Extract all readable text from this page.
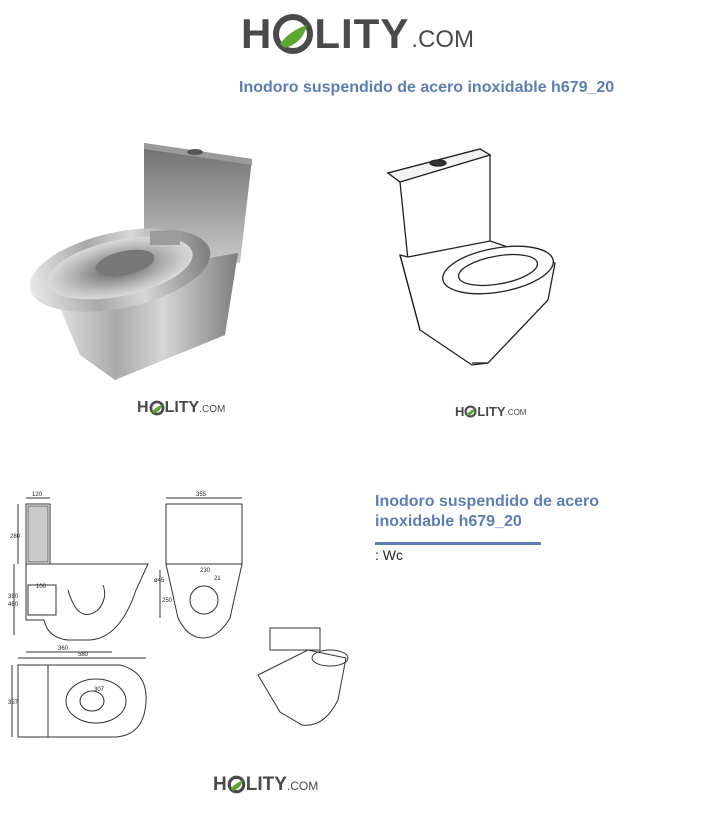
H LITY .COM
Inodoro suspendido de acero inoxidable h679_20
H LITY .COM	H LITY .COM
120
280
390
460
100
360
355
230
ø45	21
250
580
307
357
Inodoro suspendido de acero inoxidable h679_20
: Wc
H LITY .COM
